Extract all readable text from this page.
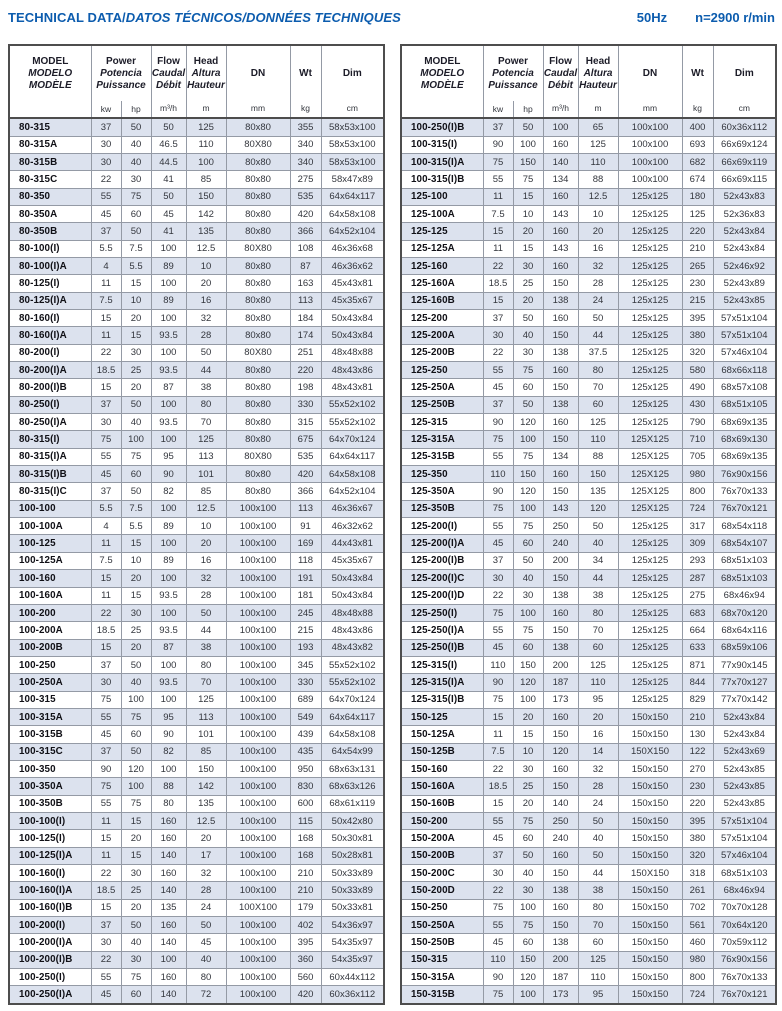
TECHNICAL DATA/DATOS TÉCNICOS/DONNÉES TECHNIQUES	50Hz n=2900 r/min
MODEL
MODELO
MODÈLE

Power
Potencia
Puissance

Flow
Caudal
Débit
m³/h

Head
Altura
Hauteur
m

DN
mm

Wt
kg

Dim
cm

	kw	hp					
80-315	37	50	50	125	80x80	355	58x53x100
80-315A	30	40	46.5	110	80X80	340	58x53x100
80-315B	30	40	44.5	100	80x80	340	58x53x100
80-315C	22	30	41	85	80x80	275	58x47x89
80-350	55	75	50	150	80x80	535	64x64x117
80-350A	45	60	45	142	80x80	420	64x58x108
80-350B	37	50	41	135	80x80	366	64x52x104
80-100(I)	5.5	7.5	100	12.5	80X80	108	46x36x68
80-100(I)A	4	5.5	89	10	80x80	87	46x36x62
80-125(I)	11	15	100	20	80x80	163	45x43x81
80-125(I)A	7.5	10	89	16	80x80	113	45x35x67
80-160(I)	15	20	100	32	80x80	184	50x43x84
80-160(I)A	11	15	93.5	28	80x80	174	50x43x84
80-200(I)	22	30	100	50	80X80	251	48x48x88
80-200(I)A	18.5	25	93.5	44	80x80	220	48x43x86
80-200(I)B	15	20	87	38	80x80	198	48x43x81
80-250(I)	37	50	100	80	80x80	330	55x52x102
80-250(I)A	30	40	93.5	70	80x80	315	55x52x102
80-315(I)	75	100	100	125	80x80	675	64x70x124
80-315(I)A	55	75	95	113	80X80	535	64x64x117
80-315(I)B	45	60	90	101	80x80	420	64x58x108
80-315(I)C	37	50	82	85	80x80	366	64x52x104
100-100	5.5	7.5	100	12.5	100x100	113	46x36x67
100-100A	4	5.5	89	10	100x100	91	46x32x62
100-125	11	15	100	20	100x100	169	44x43x81
100-125A	7.5	10	89	16	100x100	118	45x35x67
100-160	15	20	100	32	100x100	191	50x43x84
100-160A	11	15	93.5	28	100x100	181	50x43x84
100-200	22	30	100	50	100x100	245	48x48x88
100-200A	18.5	25	93.5	44	100x100	215	48x43x86
100-200B	15	20	87	38	100x100	193	48x43x82
100-250	37	50	100	80	100x100	345	55x52x102
100-250A	30	40	93.5	70	100x100	330	55x52x102
100-315	75	100	100	125	100x100	689	64x70x124
100-315A	55	75	95	113	100x100	549	64x64x117
100-315B	45	60	90	101	100x100	439	64x58x108
100-315C	37	50	82	85	100x100	435	64x54x99
100-350	90	120	100	150	100x100	950	68x63x131
100-350A	75	100	88	142	100x100	830	68x63x126
100-350B	55	75	80	135	100x100	600	68x61x119
100-100(I)	11	15	160	12.5	100x100	115	50x42x80
100-125(I)	15	20	160	20	100x100	168	50x30x81
100-125(I)A	11	15	140	17	100x100	168	50x28x81
100-160(I)	22	30	160	32	100x100	210	50x33x89
100-160(I)A	18.5	25	140	28	100x100	210	50x33x89
100-160(I)B	15	20	135	24	100X100	179	50x33x81
100-200(I)	37	50	160	50	100x100	402	54x36x97
100-200(I)A	30	40	140	45	100x100	395	54x35x97
100-200(I)B	22	30	100	40	100x100	360	54x35x97
100-250(I)	55	75	160	80	100x100	560	60x44x112
100-250(I)A	45	60	140	72	100x100	420	60x36x112
MODEL
MODELO
MODÈLE

Power
Potencia
Puissance

Flow
Caudal
Débit
m³/h

Head
Altura
Hauteur
m

DN
mm

Wt
kg

Dim
cm

	kw	hp					
100-250(I)B	37	50	100	65	100x100	400	60x36x112
100-315(I)	90	100	160	125	100x100	693	66x69x124
100-315(I)A	75	150	140	110	100x100	682	66x69x119
100-315(I)B	55	75	134	88	100x100	674	66x69x115
125-100	11	15	160	12.5	125x125	180	52x43x83
125-100A	7.5	10	143	10	125x125	125	52x36x83
125-125	15	20	160	20	125x125	220	52x43x84
125-125A	11	15	143	16	125x125	210	52x43x84
125-160	22	30	160	32	125x125	265	52x46x92
125-160A	18.5	25	150	28	125x125	230	52x43x89
125-160B	15	20	138	24	125x125	215	52x43x85
125-200	37	50	160	50	125x125	395	57x51x104
125-200A	30	40	150	44	125x125	380	57x51x104
125-200B	22	30	138	37.5	125x125	320	57x46x104
125-250	55	75	160	80	125x125	580	68x66x118
125-250A	45	60	150	70	125x125	490	68x57x108
125-250B	37	50	138	60	125x125	430	68x51x105
125-315	90	120	160	125	125x125	790	68x69x135
125-315A	75	100	150	110	125X125	710	68x69x130
125-315B	55	75	134	88	125X125	705	68x69x135
125-350	110	150	160	150	125X125	980	76x90x156
125-350A	90	120	150	135	125X125	800	76x70x133
125-350B	75	100	143	120	125X125	724	76x70x121
125-200(I)	55	75	250	50	125x125	317	68x54x118
125-200(I)A	45	60	240	40	125x125	309	68x54x107
125-200(I)B	37	50	200	34	125x125	293	68x51x103
125-200(I)C	30	40	150	44	125x125	287	68x51x103
125-200(I)D	22	30	138	38	125x125	275	68x46x94
125-250(I)	75	100	160	80	125x125	683	68x70x120
125-250(I)A	55	75	150	70	125x125	664	68x64x116
125-250(I)B	45	60	138	60	125x125	633	68x59x106
125-315(I)	110	150	200	125	125x125	871	77x90x145
125-315(I)A	90	120	187	110	125x125	844	77x70x127
125-315(I)B	75	100	173	95	125x125	829	77x70x142
150-125	15	20	160	20	150x150	210	52x43x84
150-125A	11	15	150	16	150x150	130	52x43x84
150-125B	7.5	10	120	14	150X150	122	52x43x69
150-160	22	30	160	32	150x150	270	52x43x85
150-160A	18.5	25	150	28	150x150	230	52x43x85
150-160B	15	20	140	24	150x150	220	52x43x85
150-200	55	75	250	50	150x150	395	57x51x104
150-200A	45	60	240	40	150x150	380	57x51x104
150-200B	37	50	160	50	150x150	320	57x46x104
150-200C	30	40	150	44	150X150	318	68x51x103
150-200D	22	30	138	38	150x150	261	68x46x94
150-250	75	100	160	80	150x150	702	70x70x128
150-250A	55	75	150	70	150x150	561	70x64x120
150-250B	45	60	138	60	150x150	460	70x59x112
150-315	110	150	200	125	150x150	980	76x90x156
150-315A	90	120	187	110	150x150	800	76x70x133
150-315B	75	100	173	95	150x150	724	76x70x121
